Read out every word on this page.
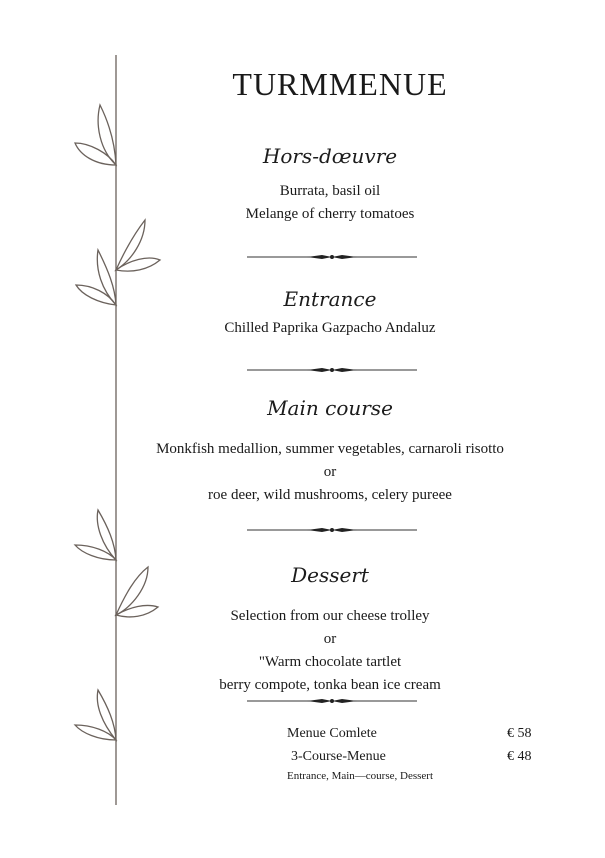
TURMMENUE

Hors-dœuvre

Burrata, basil oil

Melange of cherry tomatoes

Entrance

Chilled Paprika Gazpacho Andaluz

Main course

Monkfish medallion, summer vegetables, carnaroli risotto

or

roe deer, wild mushrooms, celery pureee

Dessert

Selection from our cheese trolley

or

"Warm chocolate tartlet

berry compote, tonka bean ice cream

Menue Comlete	€ 58
3-Course-Menue	€ 48
Entrance, Main—course, Dessert
